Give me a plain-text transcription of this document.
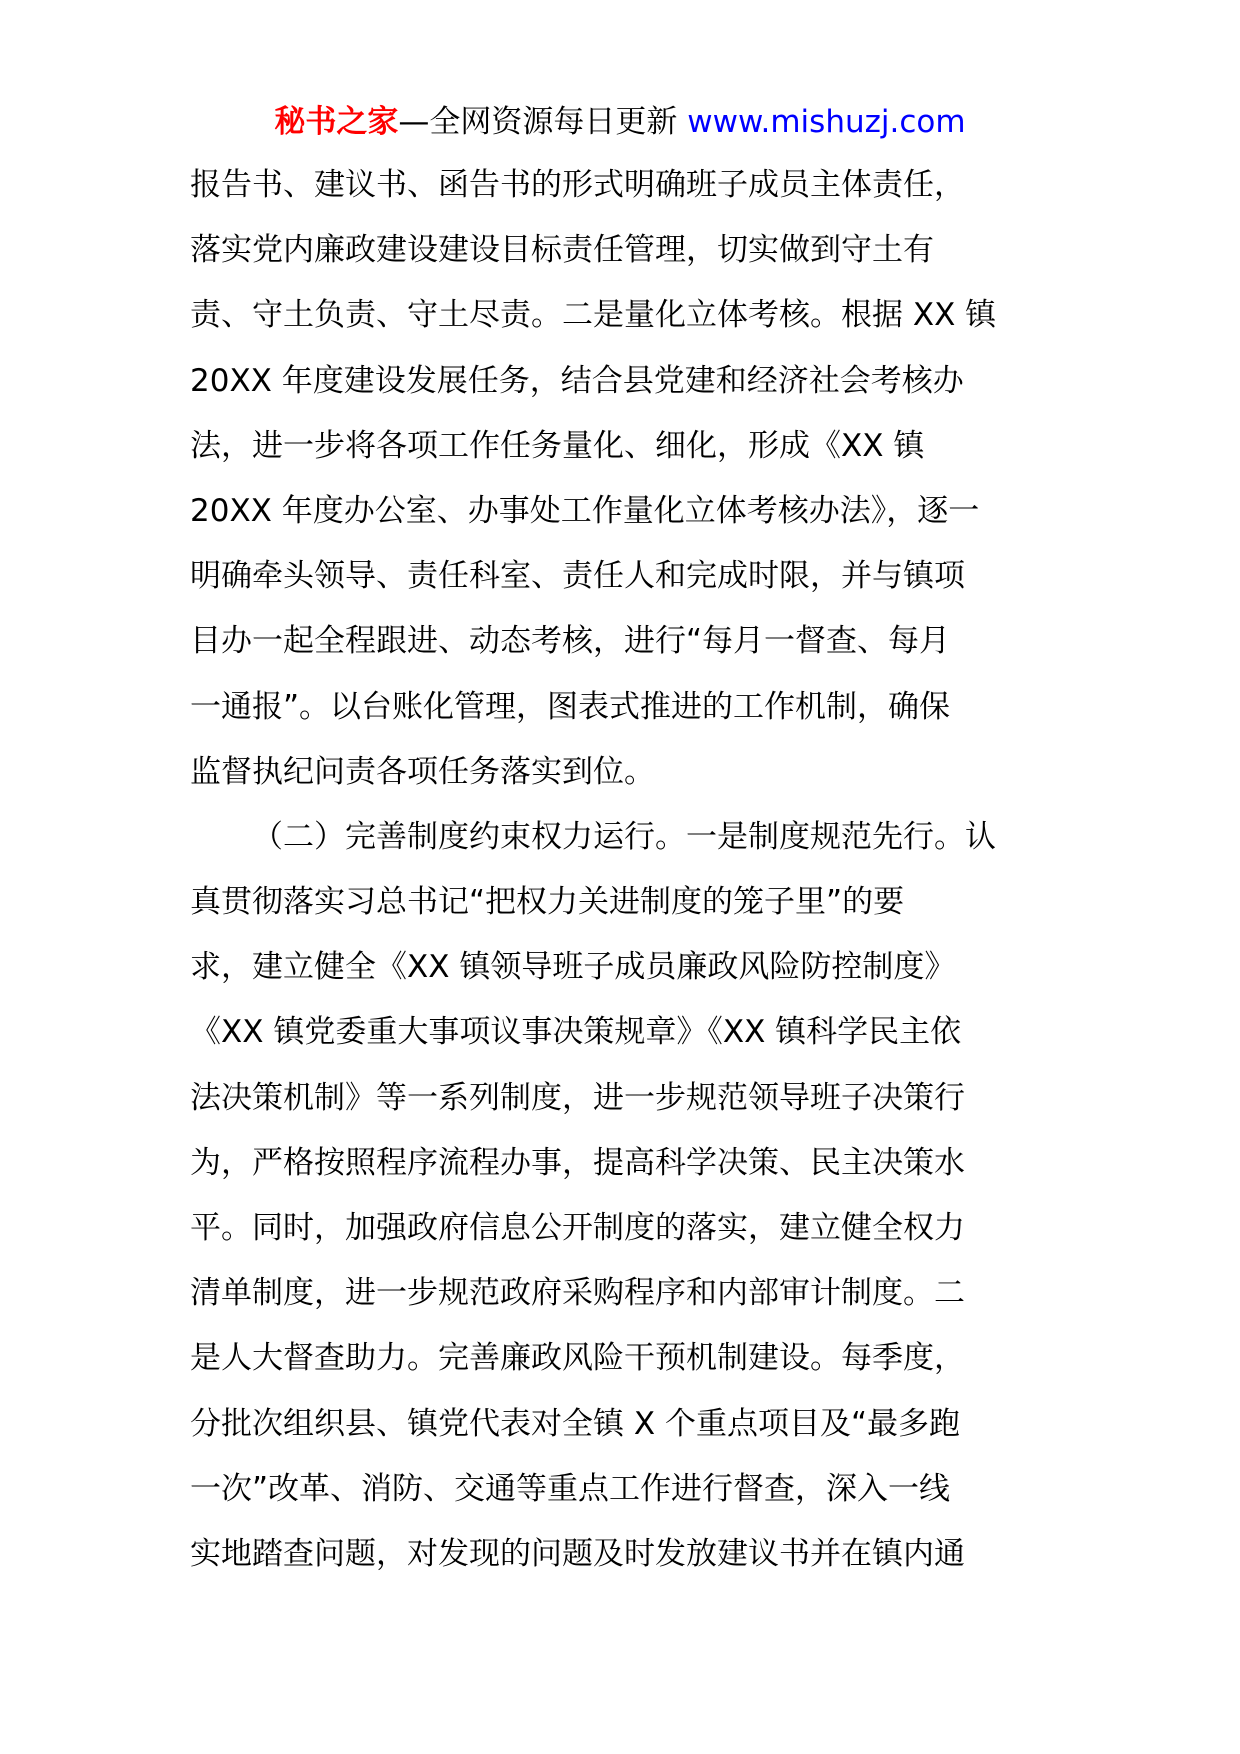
秘书之家—全网资源每日更新 www.mishuzj.com
报告书、建议书、函告书的形式明确班子成员主体责任，
落实党内廉政建设建设目标责任管理，切实做到守土有
责、守土负责、守土尽责。二是量化立体考核。根据 XX 镇
20XX 年度建设发展任务，结合县党建和经济社会考核办
法，进一步将各项工作任务量化、细化，形成《XX 镇
20XX 年度办公室、办事处工作量化立体考核办法》，逐一
明确牵头领导、责任科室、责任人和完成时限，并与镇项
目办一起全程跟进、动态考核，进行“每月一督查、每月
一通报”。以台账化管理，图表式推进的工作机制，确保
监督执纪问责各项任务落实到位。
（二）完善制度约束权力运行。一是制度规范先行。认
真贯彻落实习总书记“把权力关进制度的笼子里”的要
求，建立健全《XX 镇领导班子成员廉政风险防控制度》
《XX 镇党委重大事项议事决策规章》《XX 镇科学民主依
法决策机制》等一系列制度，进一步规范领导班子决策行
为，严格按照程序流程办事，提高科学决策、民主决策水
平。同时，加强政府信息公开制度的落实，建立健全权力
清单制度，进一步规范政府采购程序和内部审计制度。二
是人大督查助力。完善廉政风险干预机制建设。每季度，
分批次组织县、镇党代表对全镇 X 个重点项目及“最多跑
一次”改革、消防、交通等重点工作进行督查，深入一线
实地踏查问题，对发现的问题及时发放建议书并在镇内通
